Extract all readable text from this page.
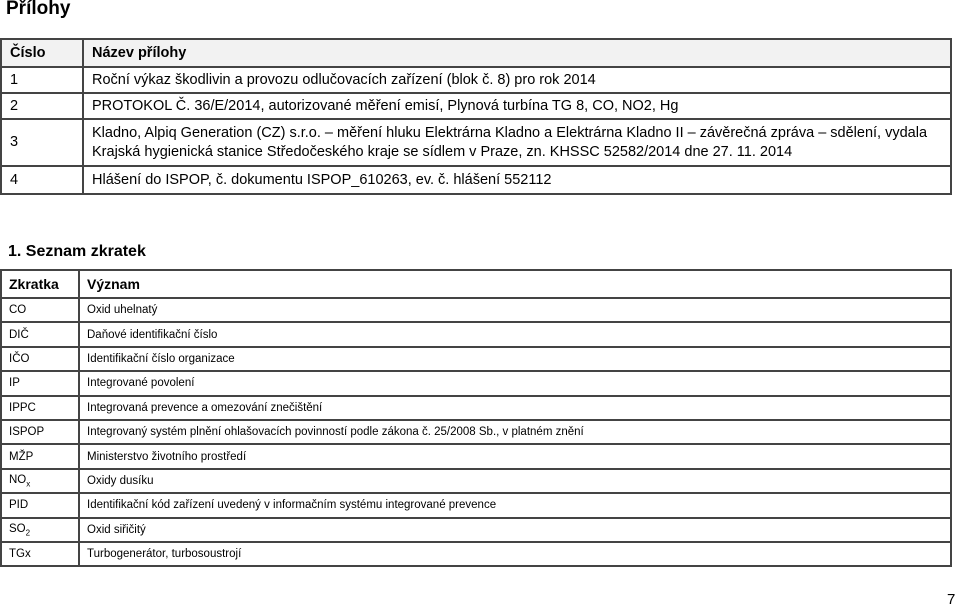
Přílohy
Číslo	Název přílohy
1	Roční výkaz škodlivin a provozu odlučovacích zařízení (blok č. 8) pro rok 2014
2	PROTOKOL Č. 36/E/2014, autorizované měření emisí, Plynová turbína TG 8, CO, NO2, Hg
3	Kladno, Alpiq Generation (CZ) s.r.o. – měření hluku Elektrárna Kladno a Elektrárna Kladno II – závěrečná zpráva – sdělení, vydala Krajská hygienická stanice Středočeského kraje se sídlem v Praze, zn. KHSSC 52582/2014 dne 27. 11. 2014
4	Hlášení do ISPOP, č. dokumentu ISPOP_610263, ev. č. hlášení 552112
1. Seznam zkratek
Zkratka	Význam
CO	Oxid uhelnatý
DIČ	Daňové identifikační číslo
IČO	Identifikační číslo organizace
IP	Integrované povolení
IPPC	Integrovaná prevence a omezování znečištění
ISPOP	Integrovaný systém plnění ohlašovacích povinností podle zákona č. 25/2008 Sb., v platném znění
MŽP	Ministerstvo životního prostředí
$NO_x$	Oxidy dusíku
PID	Identifikační kód zařízení uvedený v informačním systému integrované prevence
$SO_2$	Oxid siřičitý
TGx	Turbogenerátor, turbosoustrojí
7
